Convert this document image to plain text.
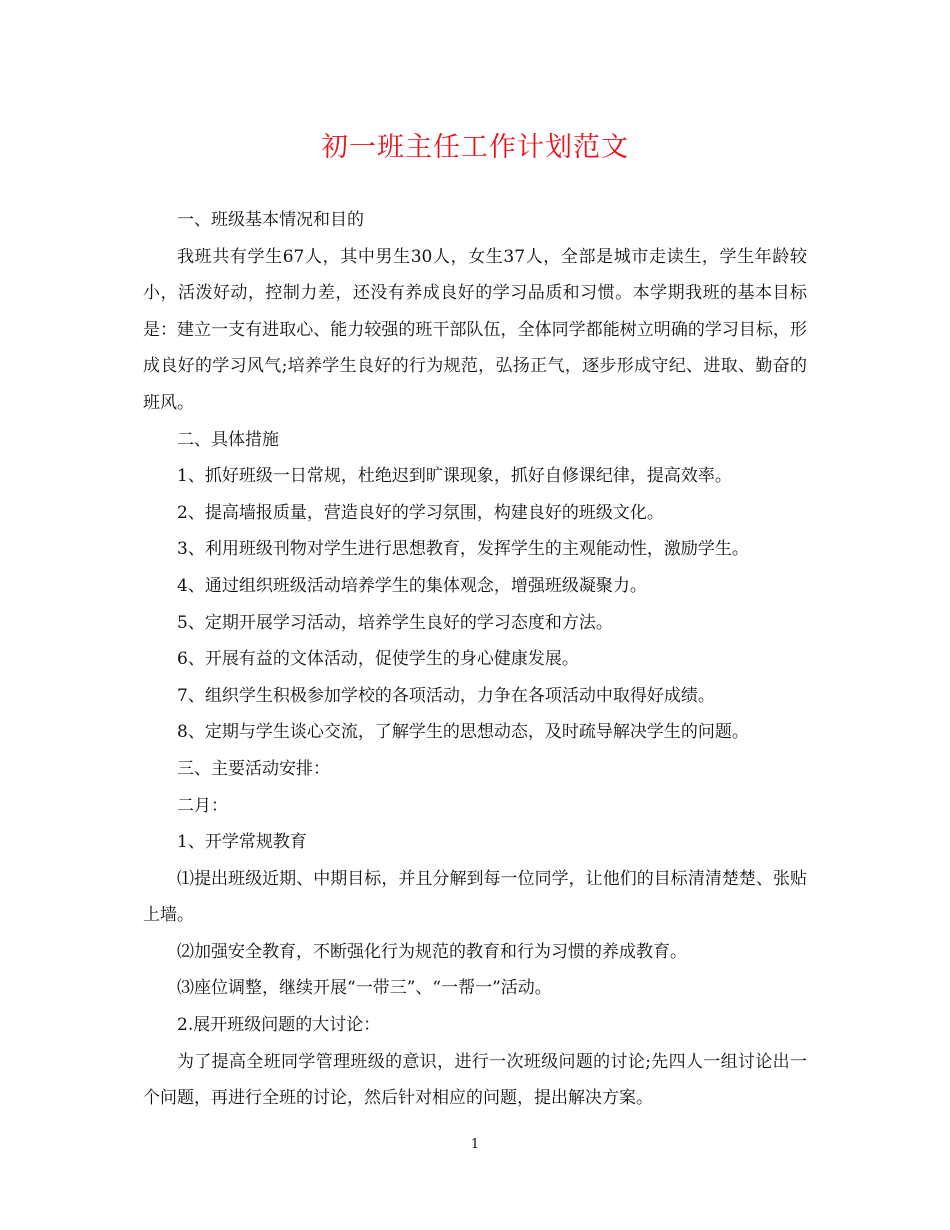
初一班主任工作计划范文

一、班级基本情况和目的

我班共有学生67人，其中男生30人，女生37人，全部是城市走读生，学生年龄较小，活泼好动，控制力差，还没有养成良好的学习品质和习惯。本学期我班的基本目标是：建立一支有进取心、能力较强的班干部队伍，全体同学都能树立明确的学习目标，形成良好的学习风气;培养学生良好的行为规范，弘扬正气，逐步形成守纪、进取、勤奋的班风。

二、具体措施

1、抓好班级一日常规，杜绝迟到旷课现象，抓好自修课纪律，提高效率。

2、提高墙报质量，营造良好的学习氛围，构建良好的班级文化。

3、利用班级刊物对学生进行思想教育，发挥学生的主观能动性，激励学生。

4、通过组织班级活动培养学生的集体观念，增强班级凝聚力。

5、定期开展学习活动，培养学生良好的学习态度和方法。

6、开展有益的文体活动，促使学生的身心健康发展。

7、组织学生积极参加学校的各项活动，力争在各项活动中取得好成绩。

8、定期与学生谈心交流，了解学生的思想动态，及时疏导解决学生的问题。

三、主要活动安排：

二月：

1、开学常规教育

⑴提出班级近期、中期目标，并且分解到每一位同学，让他们的目标清清楚楚、张贴上墙。

⑵加强安全教育，不断强化行为规范的教育和行为习惯的养成教育。

⑶座位调整，继续开展“一带三”、“一帮一”活动。

2.展开班级问题的大讨论：

为了提高全班同学管理班级的意识，进行一次班级问题的讨论;先四人一组讨论出一个问题，再进行全班的讨论，然后针对相应的问题，提出解决方案。

1
